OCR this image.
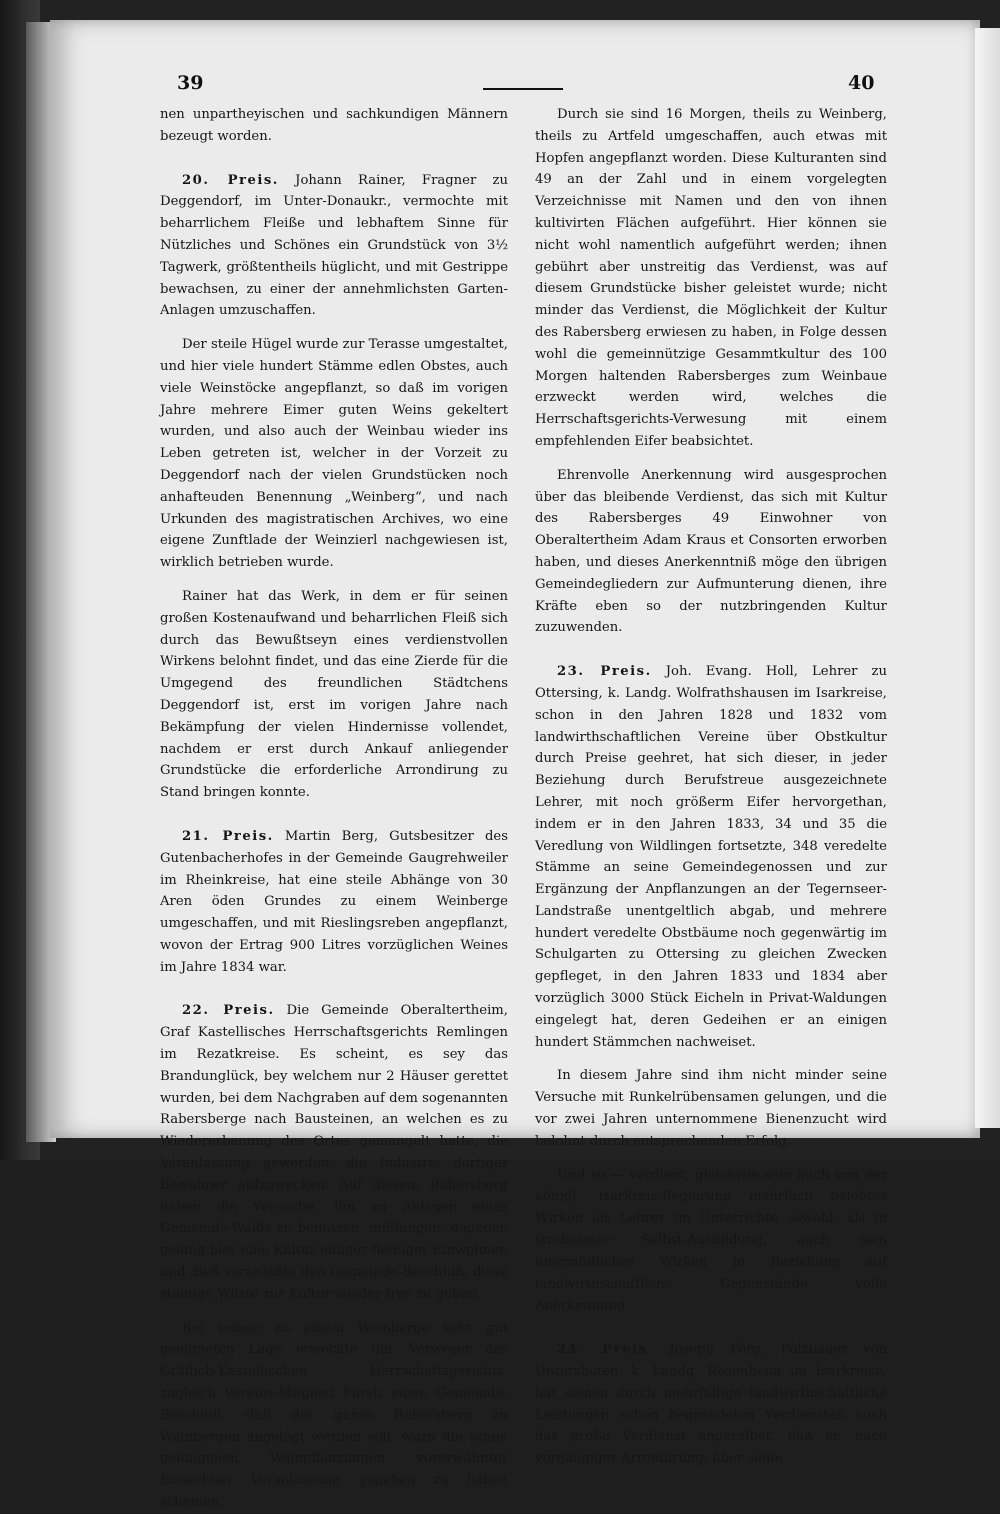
39	40

nen unpartheyischen und sachkundigen Männern bezeugt worden.

20. Preis. Johann Rainer, Fragner zu Deggendorf, im Unter-Donaukr., vermochte mit beharrlichem Fleiße und lebhaftem Sinne für Nützliches und Schönes ein Grundstück von 3½ Tagwerk, größtentheils hüglicht, und mit Gestrippe bewachsen, zu einer der annehmlichsten Garten-Anlagen umzuschaffen.

Der steile Hügel wurde zur Terasse umgestaltet, und hier viele hundert Stämme edlen Obstes, auch viele Weinstöcke angepflanzt, so daß im vorigen Jahre mehrere Eimer guten Weins gekeltert wurden, und also auch der Weinbau wieder ins Leben getreten ist, welcher in der Vorzeit zu Deggendorf nach der vielen Grundstücken noch anhafteuden Benennung „Weinberg“, und nach Urkunden des magistratischen Archives, wo eine eigene Zunftlade der Weinzierl nachgewiesen ist, wirklich betrieben wurde.

Rainer hat das Werk, in dem er für seinen großen Kostenaufwand und beharrlichen Fleiß sich durch das Bewußtseyn eines verdienstvollen Wirkens belohnt findet, und das eine Zierde für die Umgegend des freundlichen Städtchens Deggendorf ist, erst im vorigen Jahre nach Bekämpfung der vielen Hindernisse vollendet, nachdem er erst durch Ankauf anliegender Grundstücke die erforderliche Arrondirung zu Stand bringen konnte.

21. Preis. Martin Berg, Gutsbesitzer des Gutenbacherhofes in der Gemeinde Gaugrehweiler im Rheinkreise, hat eine steile Abhänge von 30 Aren öden Grundes zu einem Weinberge umgeschaffen, und mit Rieslingsreben angepflanzt, wovon der Ertrag 900 Litres vorzüglichen Weines im Jahre 1834 war.

22. Preis. Die Gemeinde Oberaltertheim, Graf Kastellisches Herrschaftsgerichts Remlingen im Rezatkreise. Es scheint, es sey das Brandunglück, bey welchem nur 2 Häuser gerettet wurden, bei dem Nachgraben auf dem sogenannten Rabersberge nach Bausteinen, an welchen es zu Wiedererbauung des Ortes gemangelt hatte, die Veranlassung geworden, die Industrie dortiger Bewohner aufzuwecken. Auf diesem Rabersberg haben die Versuche, ihn zu Anlagen eines Gemeinde-Walds zu benutzen, mißlungen; dagegen gelang hier eine Kultur einiger fleißiger Einwohner, und dieß veranlaßte den Gemeinde-Beschluß, diese steinige Wüste zur Kultur wieder frey zu geben.

Bei seiner, zu einem Weinberge sehr gut geeigneten Lage erweckte der Verweser des Gräflich-Kastellischen Herrschaftsgerichts, zugleich Vereins-Mitglied Fürst, einen Gemeinde-Beschluß, daß der ganze Rabersberg zu Weinbergen angelegt werden soll, wozu die schon gelungenen Weinpflanzungen vorerwähnter Einwohner Veranlassung gegeben zu haben scheinen.

Durch sie sind 16 Morgen, theils zu Weinberg, theils zu Artfeld umgeschaffen, auch etwas mit Hopfen angepflanzt worden. Diese Kulturanten sind 49 an der Zahl und in einem vorgelegten Verzeichnisse mit Namen und den von ihnen kultivirten Flächen aufgeführt. Hier können sie nicht wohl namentlich aufgeführt werden; ihnen gebührt aber unstreitig das Verdienst, was auf diesem Grundstücke bisher geleistet wurde; nicht minder das Verdienst, die Möglichkeit der Kultur des Rabersberg erwiesen zu haben, in Folge dessen wohl die gemeinnützige Gesammtkultur des 100 Morgen haltenden Rabersberges zum Weinbaue erzweckt werden wird, welches die Herrschaftsgerichts-Verwesung mit einem empfehlenden Eifer beabsichtet.

Ehrenvolle Anerkennung wird ausgesprochen über das bleibende Verdienst, das sich mit Kultur des Rabersberges 49 Einwohner von Oberaltertheim Adam Kraus et Consorten erworben haben, und dieses Anerkenntniß möge den übrigen Gemeindegliedern zur Aufmunterung dienen, ihre Kräfte eben so der nutzbringenden Kultur zuzuwenden.

23. Preis. Joh. Evang. Holl, Lehrer zu Ottersing, k. Landg. Wolfrathshausen im Isarkreise, schon in den Jahren 1828 und 1832 vom landwirthschaftlichen Vereine über Obstkultur durch Preise geehret, hat sich dieser, in jeder Beziehung durch Berufstreue ausgezeichnete Lehrer, mit noch größerm Eifer hervorgethan, indem er in den Jahren 1833, 34 und 35 die Veredlung von Wildlingen fortsetzte, 348 veredelte Stämme an seine Gemeindegenossen und zur Ergänzung der Anpflanzungen an der Tegernseer-Landstraße unentgeltlich abgab, und mehrere hundert veredelte Obstbäume noch gegenwärtig im Schulgarten zu Ottersing zu gleichen Zwecken gepfleget, in den Jahren 1833 und 1834 aber vorzüglich 3000 Stück Eicheln in Privat-Waldungen eingelegt hat, deren Gedeihen er an einigen hundert Stämmchen nachweiset.

In diesem Jahre sind ihm nicht minder seine Versuche mit Runkelrübensamen gelungen, und die vor zwei Jahren unternommene Bienenzucht wird belohnt durch entsprechenden Erfolg.

Und so — verdient, gleichwie sein auch von der königl. Isarkreis-Regierung mehrfach belobtes Wirken als Lehrer im Unterrichte sowohl, als in strebsamer Selbst-Ausbildung, auch sein unermüdliches Wirken in Beziehung auf landwirthschaftliche Gegenstände volle Anerkennung.

24. Preis. Joseph Förg, Polzbauer von Untershofen, k. Landg. Rosenheim im Isarkreise, hat seinen durch mehrfältige landwirthschaftliche Leistungen schon begründeten Verdiensten auch das große Verdienst angereihet, daß er, nach vorgängiger Arrondirung, über seine
